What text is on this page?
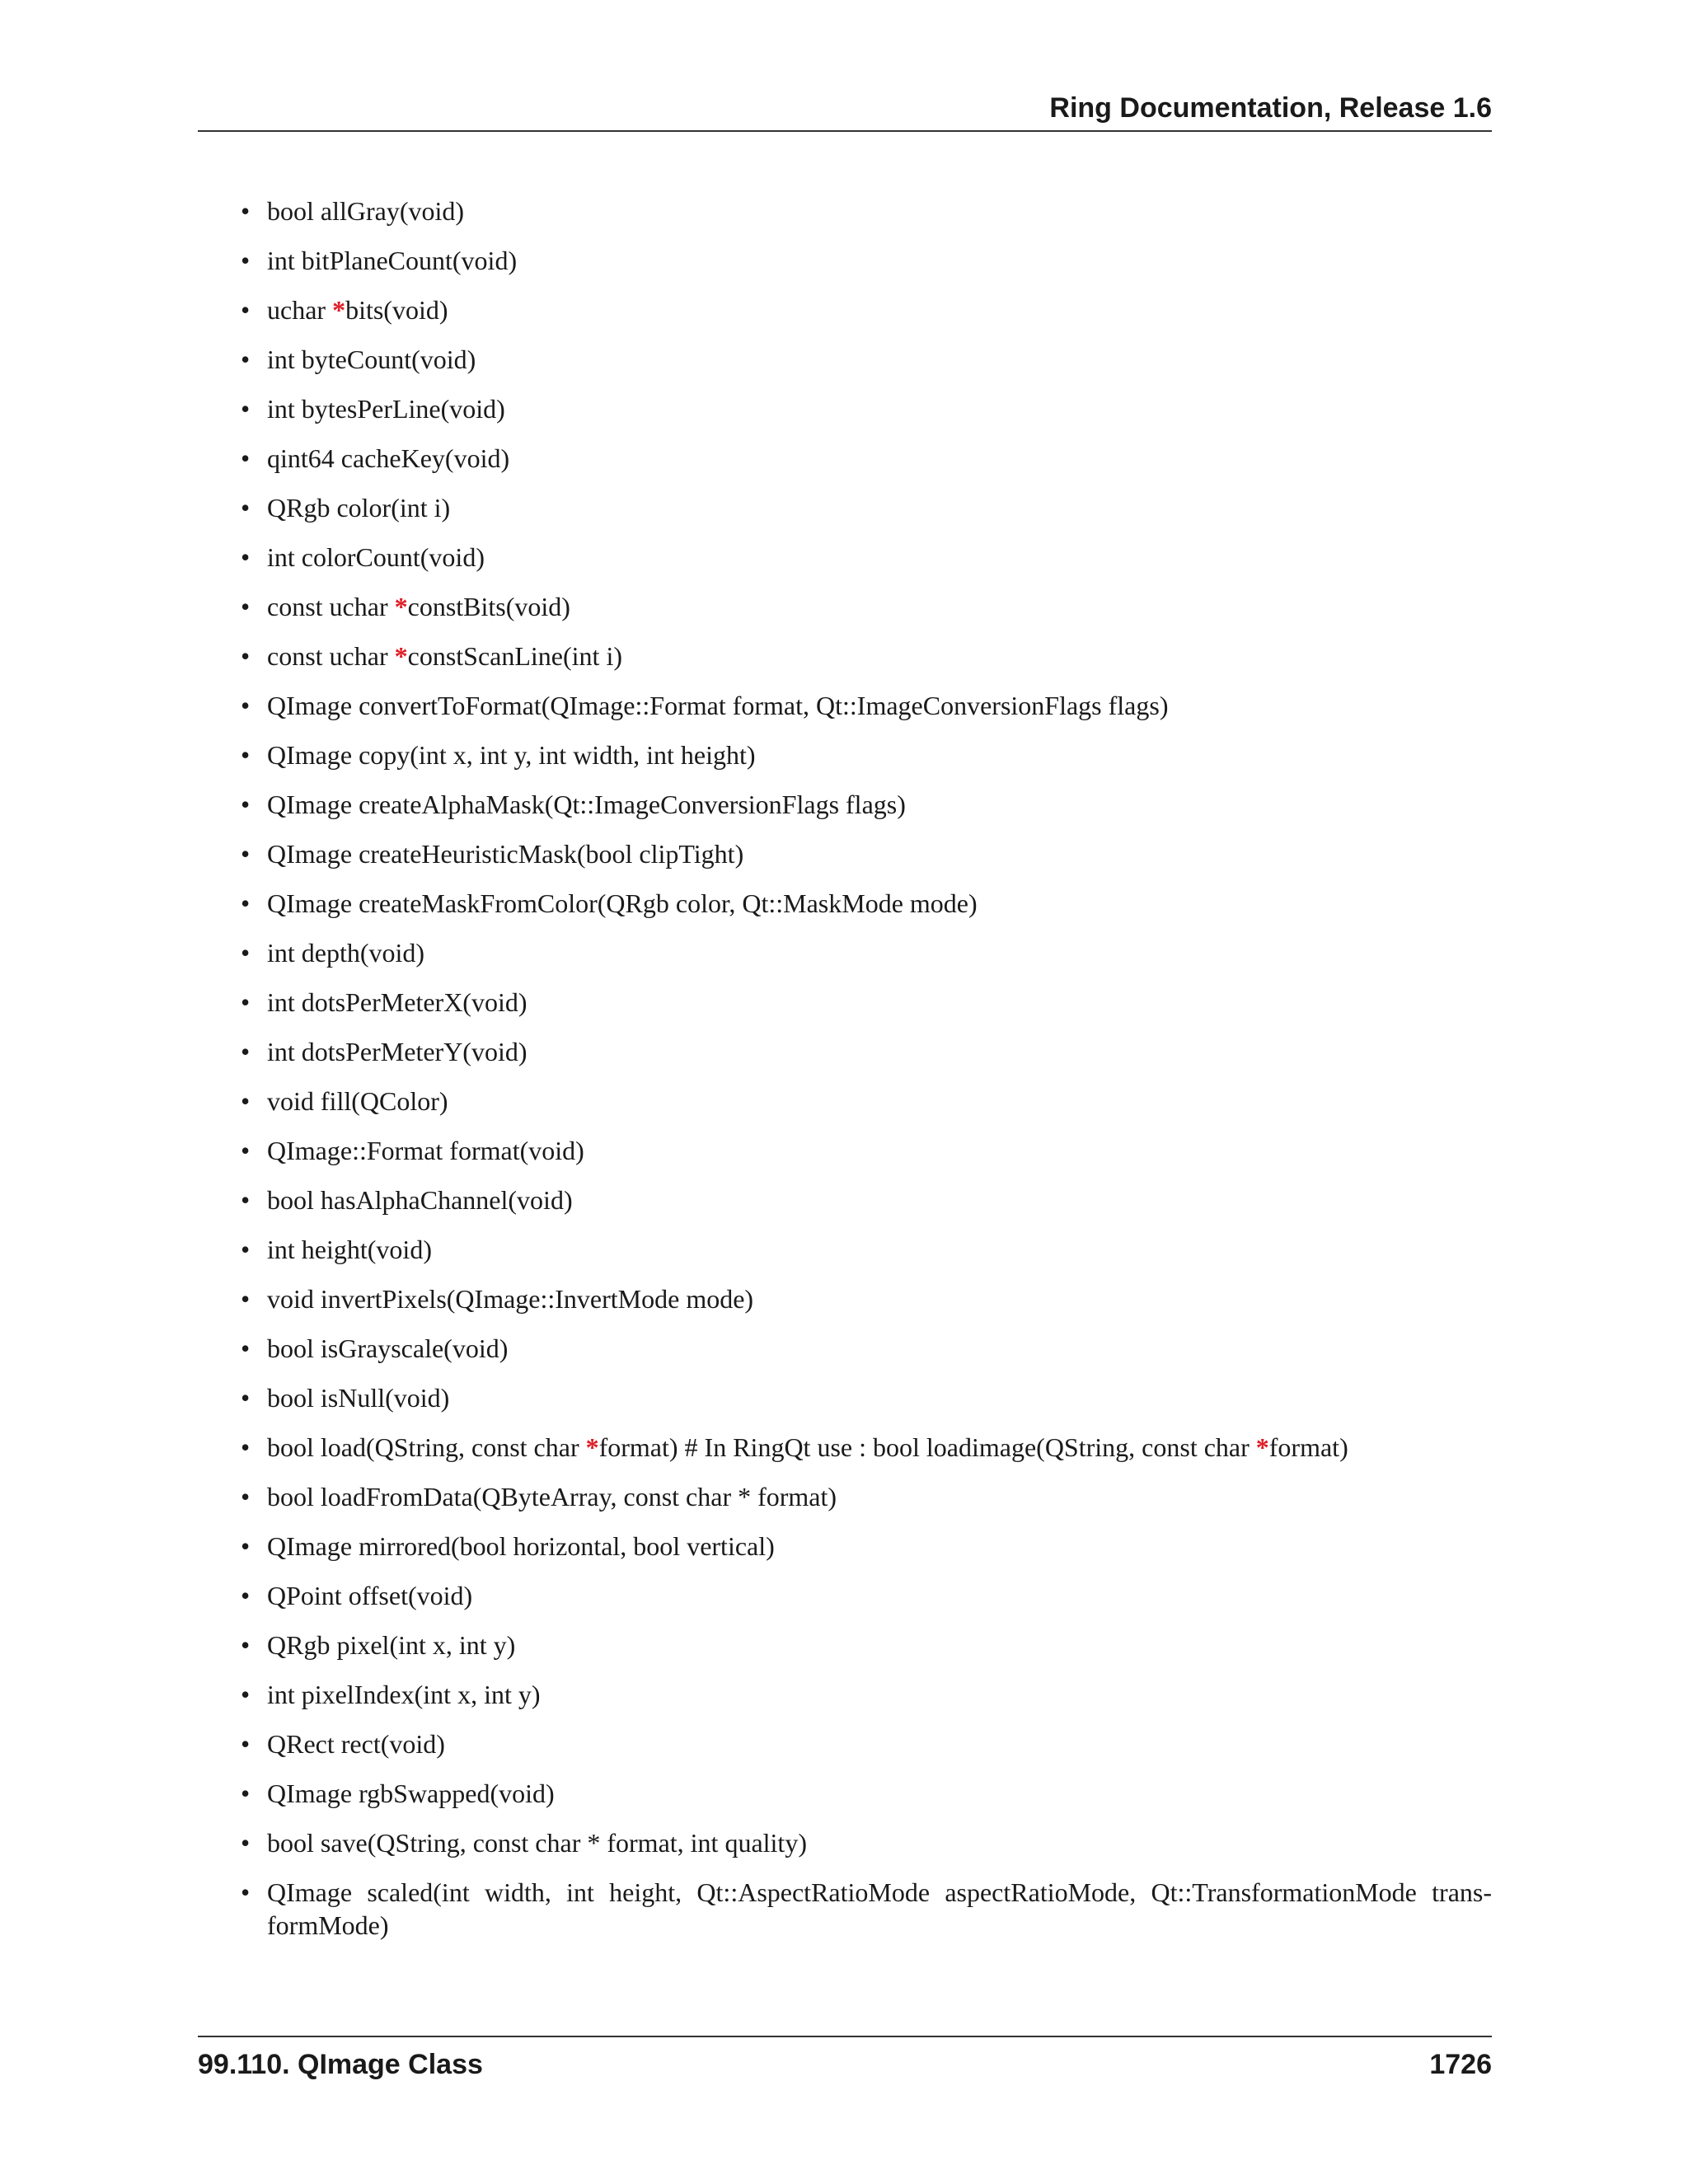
Ring Documentation, Release 1.6
• bool allGray(void)
• int bitPlaneCount(void)
• uchar *bits(void)
• int byteCount(void)
• int bytesPerLine(void)
• qint64 cacheKey(void)
• QRgb color(int i)
• int colorCount(void)
• const uchar *constBits(void)
• const uchar *constScanLine(int i)
• QImage convertToFormat(QImage::Format format, Qt::ImageConversionFlags flags)
• QImage copy(int x, int y, int width, int height)
• QImage createAlphaMask(Qt::ImageConversionFlags flags)
• QImage createHeuristicMask(bool clipTight)
• QImage createMaskFromColor(QRgb color, Qt::MaskMode mode)
• int depth(void)
• int dotsPerMeterX(void)
• int dotsPerMeterY(void)
• void fill(QColor)
• QImage::Format format(void)
• bool hasAlphaChannel(void)
• int height(void)
• void invertPixels(QImage::InvertMode mode)
• bool isGrayscale(void)
• bool isNull(void)
• bool load(QString, const char *format) # In RingQt use : bool loadimage(QString, const char *format)
• bool loadFromData(QByteArray, const char * format)
• QImage mirrored(bool horizontal, bool vertical)
• QPoint offset(void)
• QRgb pixel(int x, int y)
• int pixelIndex(int x, int y)
• QRect rect(void)
• QImage rgbSwapped(void)
• bool save(QString, const char * format, int quality)
• QImage scaled(int width, int height, Qt::AspectRatioMode aspectRatioMode, Qt::TransformationMode trans-formMode)
99.110. QImage Class	1726
